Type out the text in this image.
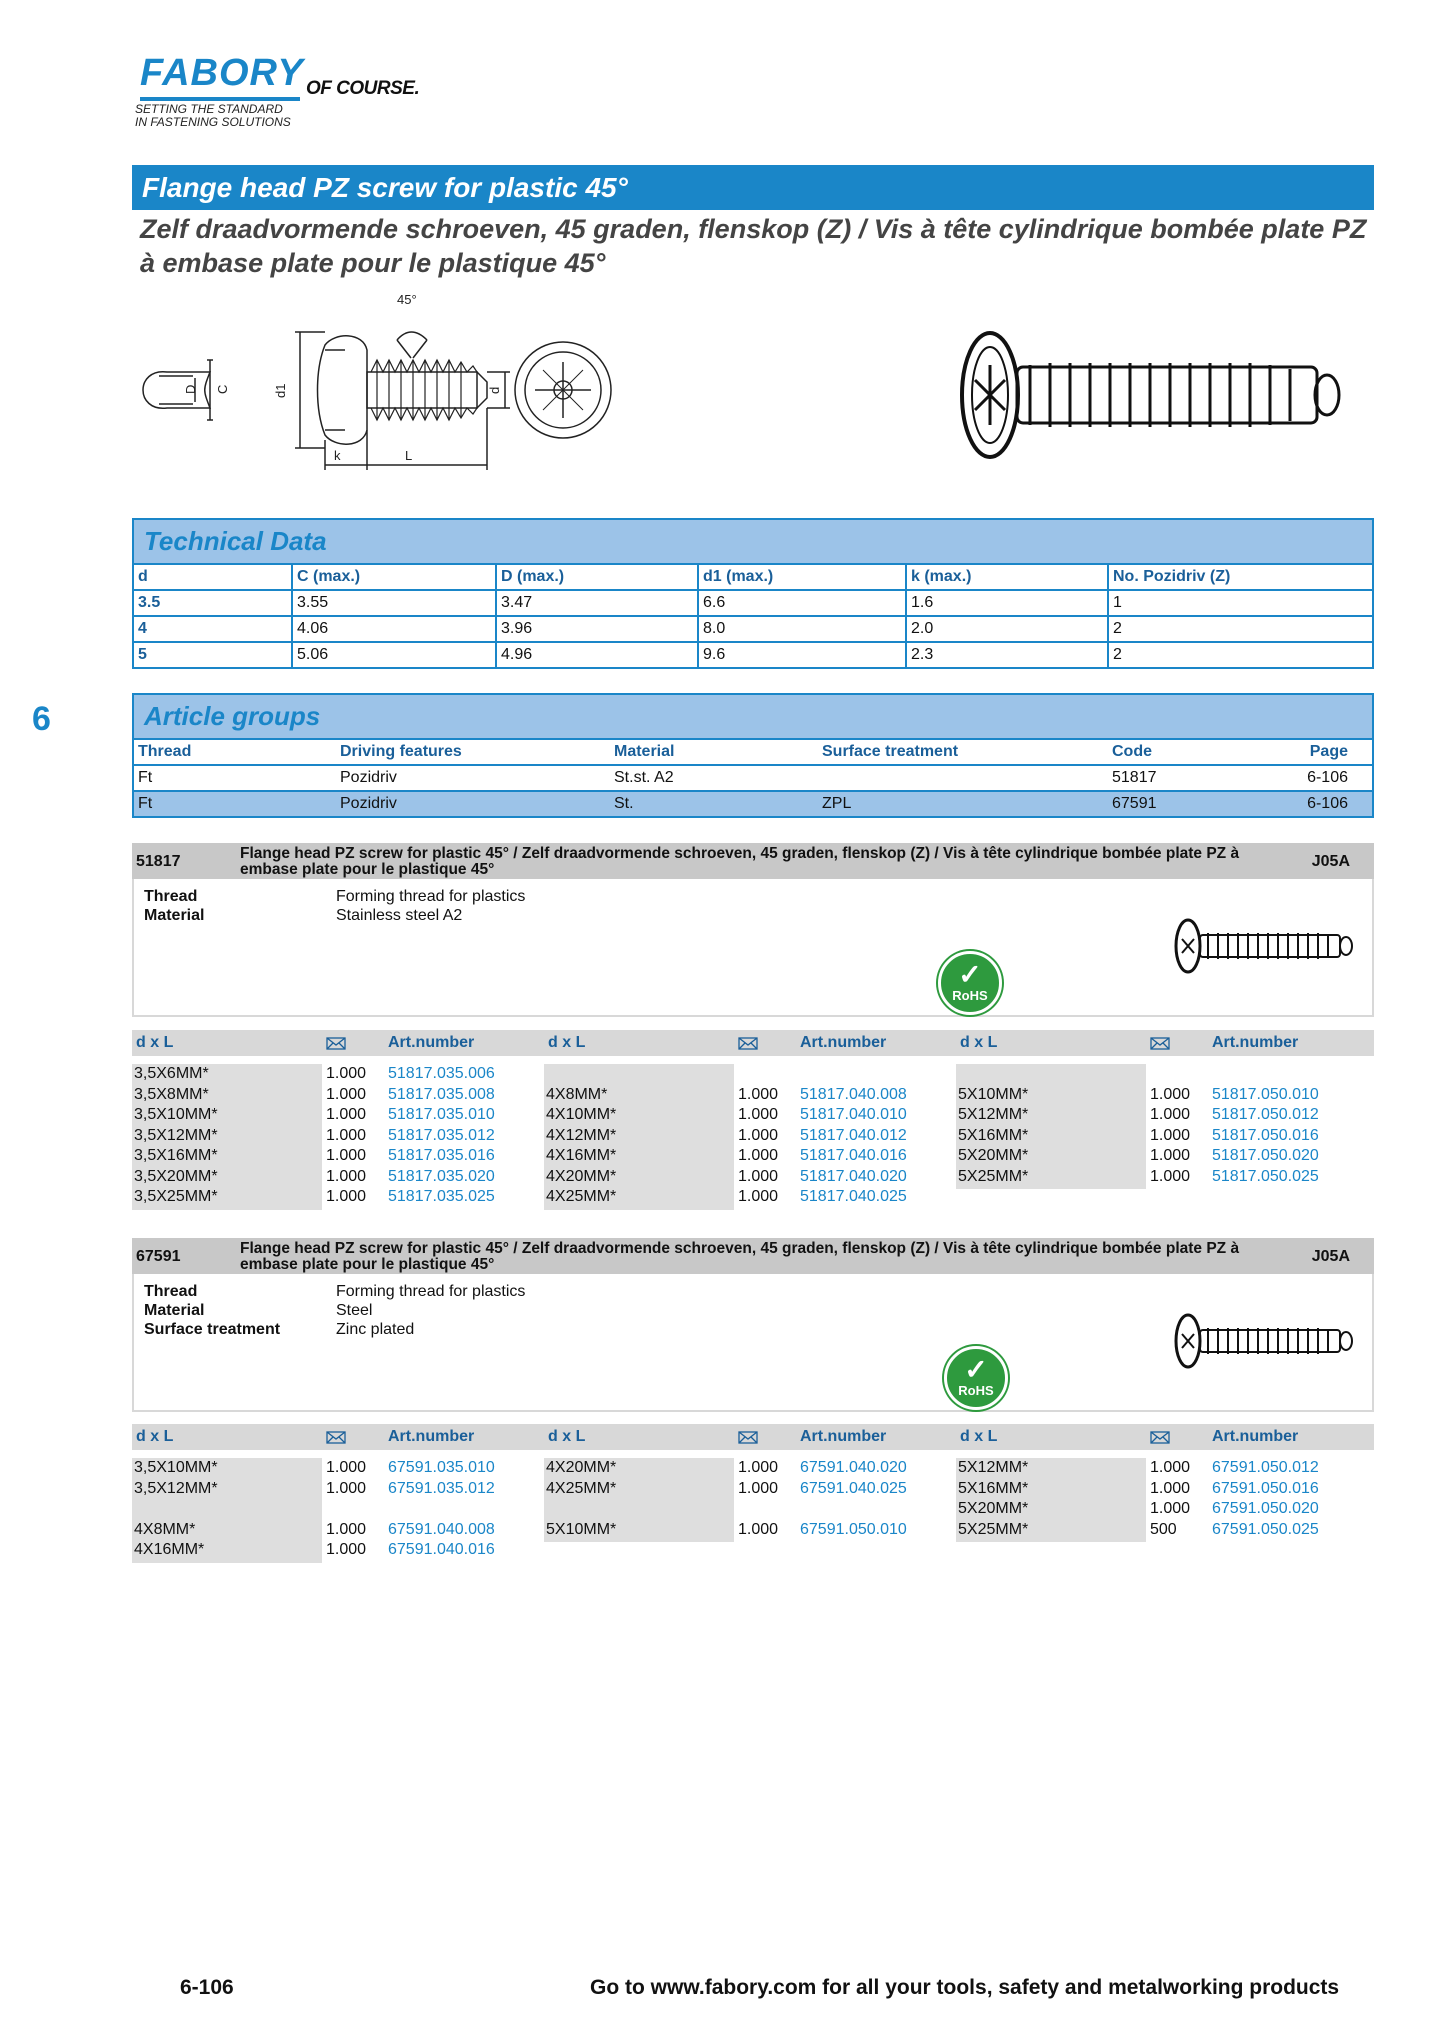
FABORY OF COURSE.
SETTING THE STANDARD
IN FASTENING SOLUTIONS
Flange head PZ screw for plastic 45°
Zelf draadvormende schroeven, 45 graden, flenskop (Z) / Vis à tête cylindrique bombée plate PZ à embase plate pour le plastique 45°
45°
D C	d1	d
k	L
Technical Data
d	C (max.)	D (max.)	d1 (max.)	k (max.)	No. Pozidriv (Z)
3.5	3.55	3.47	6.6	1.6	1
4	4.06	3.96	8.0	2.0	2
5	5.06	4.96	9.6	2.3	2
6	Article groups
Thread	Driving features	Material	Surface treatment	Code	Page
Ft	Pozidriv	St.st. A2		51817	6-106
Ft	Pozidriv	St.	ZPL	67591	6-106
51817	Flange head PZ screw for plastic 45° / Zelf draadvormende schroeven, 45 graden, flenskop (Z) / Vis à tête cylindrique bombée plate PZ à embase plate pour le plastique 45°	J05A
Thread	Forming thread for plastics
Material	Stainless steel A2
✓
RoHS
d x L	Art.number
3,5X6MM*	1.000 51817.035.006
3,5X8MM*	1.000 51817.035.008
3,5X10MM*	1.000 51817.035.010
3,5X12MM*	1.000 51817.035.012
3,5X16MM*	1.000 51817.035.016
3,5X20MM*	1.000 51817.035.020
3,5X25MM*	1.000 51817.035.025
d x L	Art.number
4X8MM*	1.000 51817.040.008
4X10MM*	1.000 51817.040.010
4X12MM*	1.000 51817.040.012
4X16MM*	1.000 51817.040.016
4X20MM*	1.000 51817.040.020
4X25MM*	1.000 51817.040.025
d x L	Art.number
5X10MM*	1.000 51817.050.010
5X12MM*	1.000 51817.050.012
5X16MM*	1.000 51817.050.016
5X20MM*	1.000 51817.050.020
5X25MM*	1.000 51817.050.025
67591	Flange head PZ screw for plastic 45° / Zelf draadvormende schroeven, 45 graden, flenskop (Z) / Vis à tête cylindrique bombée plate PZ à embase plate pour le plastique 45°	J05A
Thread	Forming thread for plastics
Material	Steel
Surface treatment	Zinc plated
✓
RoHS
d x L	Art.number
3,5X10MM*	1.000 67591.035.010
3,5X12MM*	1.000 67591.035.012
4X8MM*	1.000 67591.040.008
4X16MM*	1.000 67591.040.016
d x L	Art.number
4X20MM*	1.000 67591.040.020
4X25MM*	1.000 67591.040.025
5X10MM*	1.000 67591.050.010
d x L	Art.number
5X12MM*	1.000 67591.050.012
5X16MM*	1.000 67591.050.016
5X20MM*	1.000 67591.050.020
5X25MM*	500 67591.050.025
6-106	Go to www.fabory.com for all your tools, safety and metalworking products
